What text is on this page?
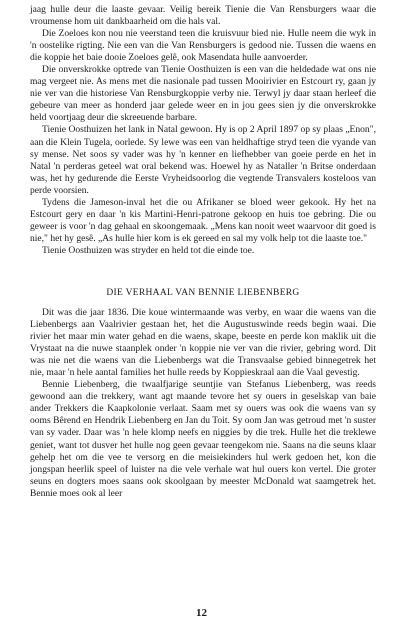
jaag hulle deur die laaste gevaar. Veilig bereik Tienie die Van Rensburgers waar die vroumense hom uit dankbaarheid om die hals val.

Die Zoeloes kon nou nie veerstand teen die kruisvuur bied nie. Hulle neem die wyk in 'n oostelike rigting. Nie een van die Van Rensburgers is gedood nie. Tussen die waens en die koppie het baie dooie Zoeloes gelê, ook Masendata hulle aanvoerder.

Die onverskrokke optrede van Tienie Oosthuizen is een van die heldedade wat ons nie mag vergeet nie. As mens met die nasionale pad tussen Mooirivier en Estcourt ry, gaan jy nie ver van die historiese Van Rensburgkoppie verby nie. Terwyl jy daar staan herleef die gebeure van meer as honderd jaar gelede weer en in jou gees sien jy die onverskrokke held voortjaag deur die skreeuende barbare.

Tienie Oosthuizen het lank in Natal gewoon. Hy is op 2 April 1897 op sy plaas „Enon", aan die Klein Tugela, oorlede. Sy lewe was een van heldhaftige stryd teen die vyande van sy mense. Net soos sy vader was hy 'n kenner en liefhebber van goeie perde en het in Natal 'n perderas geteel wat oral bekend was. Hoewel hy as Nataller 'n Britse onderdaan was, het hy gedurende die Eerste Vryheidsoorlog die vegtende Transvalers kosteloos van perde voorsien.

Tydens die Jameson-inval het die ou Afrikaner se bloed weer gekook. Hy het na Estcourt gery en daar 'n kis Martini-Henri-patrone gekoop en huis toe gebring. Die ou geweer is voor 'n dag gehaal en skoongemaak. „Mens kan nooit weet waarvoor dit goed is nie," het hy gesê. „As hulle hier kom is ek gereed en sal my volk help tot die laaste toe."

Tienie Oosthuizen was stryder en held tot die einde toe.

DIE VERHAAL VAN BENNIE LIEBENBERG

Dit was die jaar 1836. Die koue wintermaande was verby, en waar die waens van die Liebenbergs aan Vaalrivier gestaan het, het die Augustuswinde reeds begin waai. Die rivier het maar min water gehad en die waens, skape, beeste en perde kon maklik uit die Vrystaat na die nuwe staanplek onder 'n koppie nie ver van die rivier, gebring word. Dit was nie net die waens van die Liebenbergs wat die Transvaalse gebied binnegetrek het nie, maar 'n hele aantal families het hulle reeds by Koppieskraal aan die Vaal gevestig.

Bennie Liebenberg, die twaalfjarige seuntjie van Stefanus Liebenberg, was reeds gewoond aan die trekkery, want agt maande tevore het sy ouers in geselskap van baie ander Trekkers die Kaapkolonie verlaat. Saam met sy ouers was ook die waens van sy ooms Bêrend en Hendrik Liebenberg en Jan du Toit. Sy oom Jan was getroud met 'n suster van sy vader. Daar was 'n hele klomp neefs en niggies by die trek. Hulle het die treklewe geniet, want tot dusver het hulle nog geen gevaar teengekom nie. Saans na die seuns klaar gehelp het om die vee te versorg en die meisiekinders hul werk gedoen het, kon die jongspan heerlik speel of luister na die vele verhale wat hul ouers kon vertel. Die groter seuns en dogters moes saans ook skoolgaan by meester McDonald wat saamgetrek het. Bennie moes ook al leer

12
